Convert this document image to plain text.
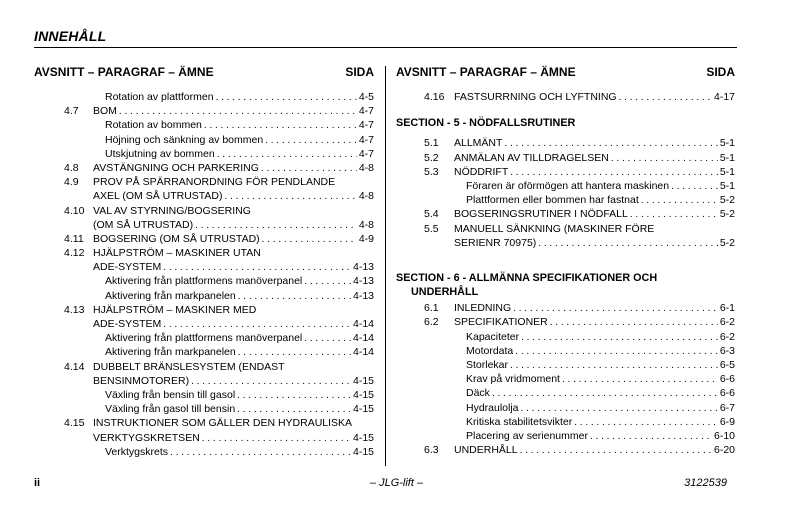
INNEHÅLL
AVSNITT – PARAGRAF – ÄMNE	SIDA
Rotation av plattformen . . .	4-5
4.7 BOM . . .	4-7
Rotation av bommen . . .	4-7
Höjning och sänkning av bommen . . .	4-7
Utskjutning av bommen . . .	4-7
4.8 AVSTÄNGNING OCH PARKERING . . .	4-8
4.9 PROV PÅ SPÄRRANORDNING FÖR PENDLANDE
AXEL (OM SÅ UTRUSTAD) . . .	4-8
4.10 VAL AV STYRNING/BOGSERING
(OM SÅ UTRUSTAD) . . .	4-8
4.11 BOGSERING (OM SÅ UTRUSTAD) . . .	4-9
4.12 HJÄLPSTRÖM – MASKINER UTAN
ADE-SYSTEM . . .	4-13
Aktivering från plattformens manöverpanel . . .	4-13
Aktivering från markpanelen . . .	4-13
4.13 HJÄLPSTRÖM – MASKINER MED
ADE-SYSTEM . . .	4-14
Aktivering från plattformens manöverpanel . . .	4-14
Aktivering från markpanelen . . .	4-14
4.14 DUBBELT BRÄNSLESYSTEM (ENDAST
BENSINMOTORER) . . .	4-15
Växling från bensin till gasol . . .	4-15
Växling från gasol till bensin . . .	4-15
4.15 INSTRUKTIONER SOM GÄLLER DEN HYDRAULISKA
VERKTYGSKRETSEN . . .	4-15
Verktygskrets . . .	4-15
AVSNITT – PARAGRAF – ÄMNE	SIDA
4.16 FASTSURRNING OCH LYFTNING . . .	4-17
SECTION - 5 - NÖDFALLSRUTINER
5.1 ALLMÄNT . . .	5-1
5.2 ANMÄLAN AV TILLDRAGELSEN . . .	5-1
5.3 NÖDDRIFT . . .	5-1
Föraren är oförmögen att hantera maskinen . . .	5-1
Plattformen eller bommen har fastnat . . .	5-2
5.4 BOGSERINGSRUTINER I NÖDFALL . . .	5-2
5.5 MANUELL SÄNKNING (MASKINER FÖRE
SERIENR 70975) . . .	5-2
SECTION - 6 - ALLMÄNNA SPECIFIKATIONER OCH
UNDERHÅLL
6.1 INLEDNING . . .	6-1
6.2 SPECIFIKATIONER . . .	6-2
Kapaciteter . . .	6-2
Motordata . . .	6-3
Storlekar . . .	6-5
Krav på vridmoment . . .	6-6
Däck . . .	6-6
Hydraulolja . . .	6-7
Kritiska stabilitetsvikter . . .	6-9
Placering av serienummer . . .	6-10
6.3 UNDERHÅLL . . .	6-20
ii	– JLG-lift –	3122539
